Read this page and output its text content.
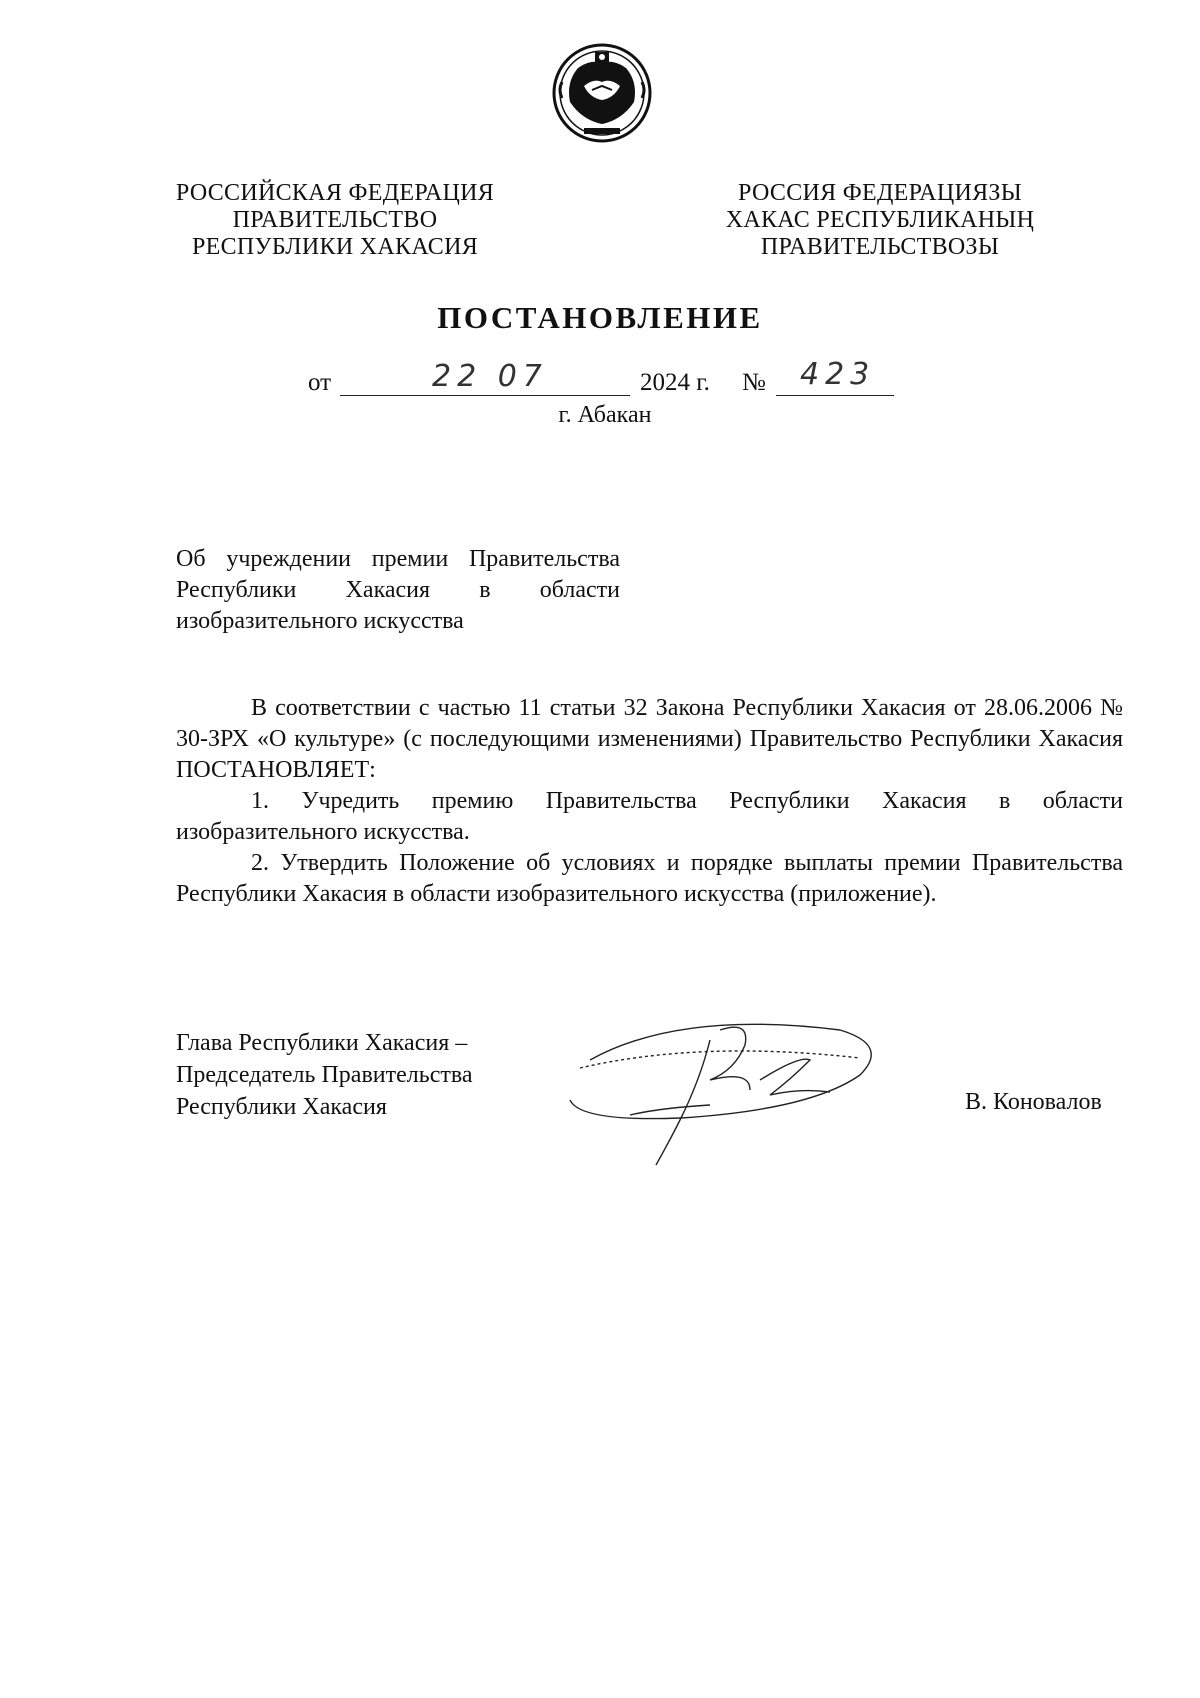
РОССИЙСКАЯ ФЕДЕРАЦИЯ
ПРАВИТЕЛЬСТВО
РЕСПУБЛИКИ ХАКАСИЯ
РОССИЯ ФЕДЕРАЦИЯЗЫ
ХАКАС РЕСПУБЛИКАНЫҢ
ПРАВИТЕЛЬСТВОЗЫ
ПОСТАНОВЛЕНИЕ
от	22 07	2024 г. № 423
г. Абакан

Об учреждении премии Правительства

Республики Хакасия в области

изобразительного искусства

В соответствии с частью 11 статьи 32 Закона Республики Хакасия от 28.06.2006 № 30-ЗРХ «О культуре» (с последующими изменениями) Правительство Республики Хакасия ПОСТАНОВЛЯЕТ:

1. Учредить премию Правительства Республики Хакасия в области изобразительного искусства.

2. Утвердить Положение об условиях и порядке выплаты премии Правительства Республики Хакасия в области изобразительного искусства (приложение).

Глава Республики Хакасия –
Председатель Правительства
Республики Хакасия	В. Коновалов
